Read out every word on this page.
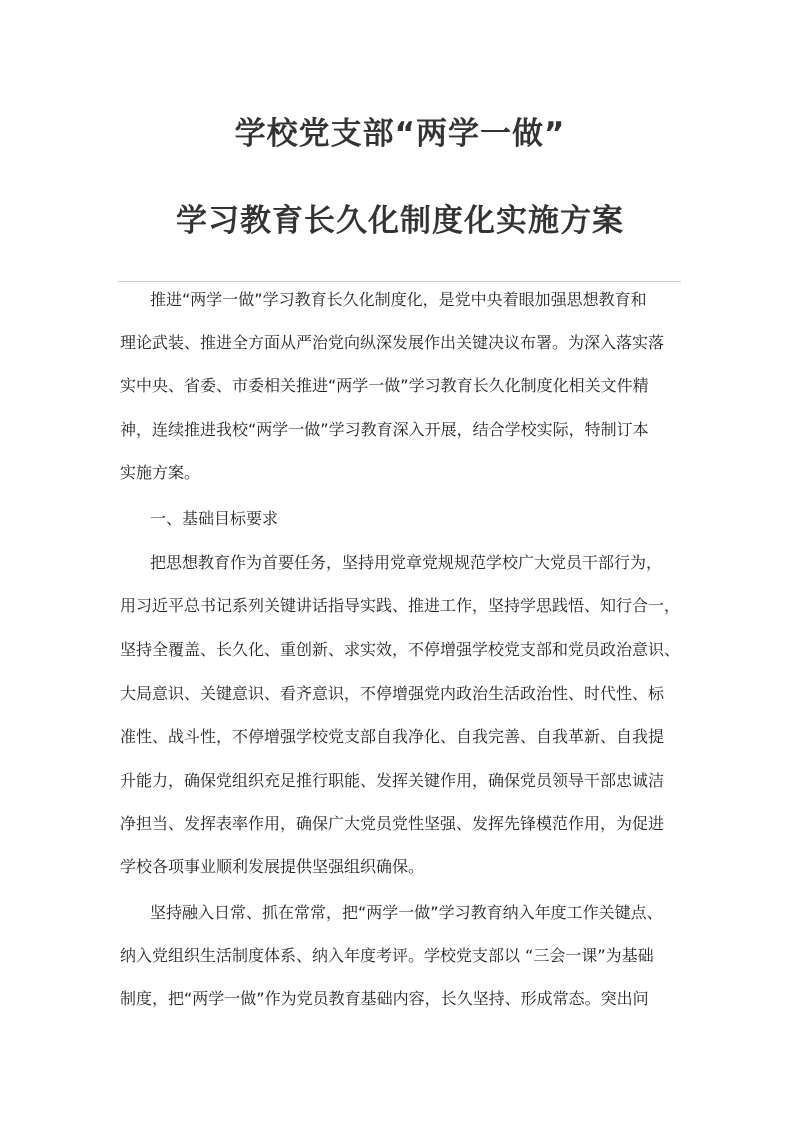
学校党支部“两学一做”
学习教育长久化制度化实施方案
推进“两学一做”学习教育长久化制度化，是党中央着眼加强思想教育和
理论武装、推进全方面从严治党向纵深发展作出关键决议布署。为深入落实落
实中央、省委、市委相关推进“两学一做”学习教育长久化制度化相关文件精
神，连续推进我校“两学一做”学习教育深入开展，结合学校实际，特制订本
实施方案。
一、基础目标要求
把思想教育作为首要任务，坚持用党章党规规范学校广大党员干部行为，
用习近平总书记系列关键讲话指导实践、推进工作，坚持学思践悟、知行合一，
坚持全覆盖、长久化、重创新、求实效，不停增强学校党支部和党员政治意识、
大局意识、关键意识、看齐意识，不停增强党内政治生活政治性、时代性、标
准性、战斗性，不停增强学校党支部自我净化、自我完善、自我革新、自我提
升能力，确保党组织充足推行职能、发挥关键作用，确保党员领导干部忠诚洁
净担当、发挥表率作用，确保广大党员党性坚强、发挥先锋模范作用，为促进
学校各项事业顺利发展提供坚强组织确保。
坚持融入日常、抓在常常，把“两学一做”学习教育纳入年度工作关键点、
纳入党组织生活制度体系、纳入年度考评。学校党支部以 “三会一课”为基础
制度，把“两学一做”作为党员教育基础内容，长久坚持、形成常态。突出问
